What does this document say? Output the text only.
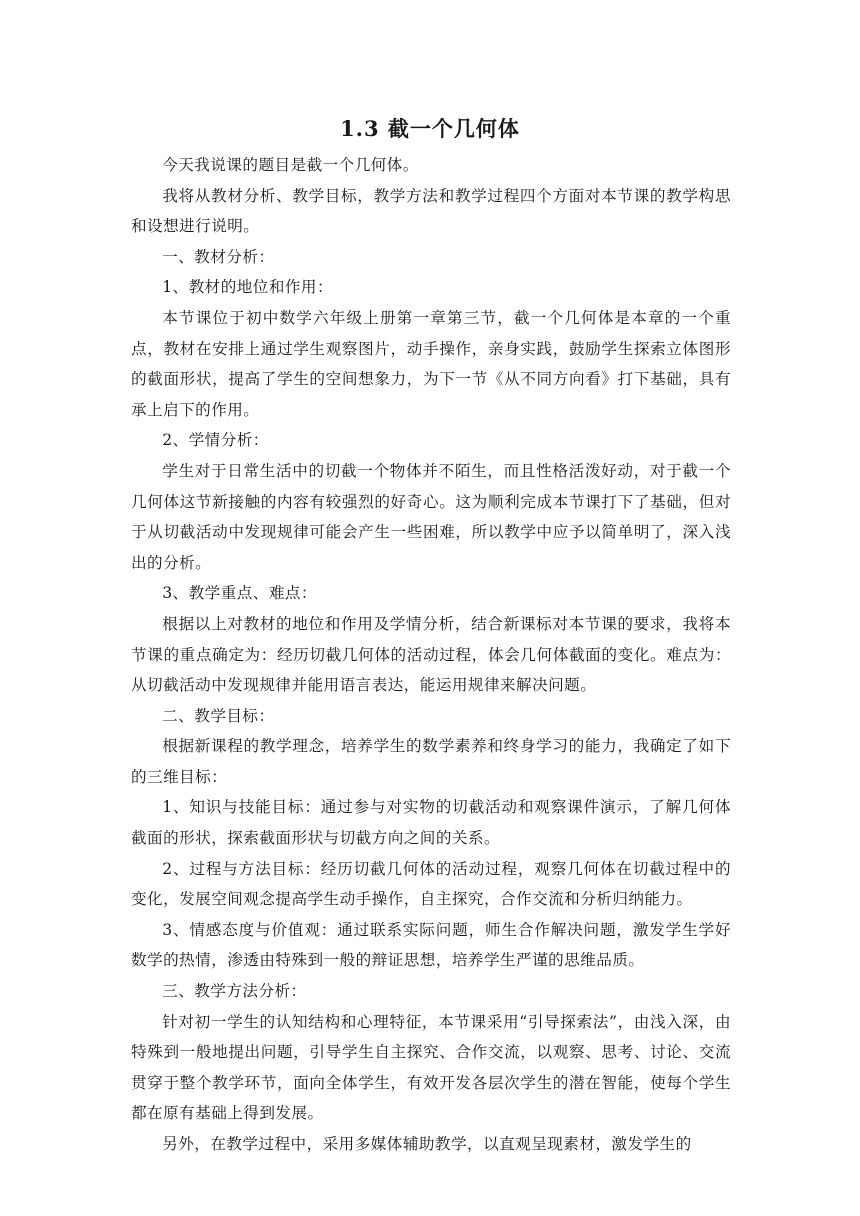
1.3 截一个几何体

今天我说课的题目是截一个几何体。

我将从教材分析、教学目标，教学方法和教学过程四个方面对本节课的教学构思和设想进行说明。

一、教材分析：

1、教材的地位和作用：

本节课位于初中数学六年级上册第一章第三节，截一个几何体是本章的一个重点，教材在安排上通过学生观察图片，动手操作，亲身实践，鼓励学生探索立体图形的截面形状，提高了学生的空间想象力，为下一节《从不同方向看》打下基础，具有承上启下的作用。

2、学情分析：

学生对于日常生活中的切截一个物体并不陌生，而且性格活泼好动，对于截一个几何体这节新接触的内容有较强烈的好奇心。这为顺利完成本节课打下了基础，但对于从切截活动中发现规律可能会产生一些困难，所以教学中应予以简单明了，深入浅出的分析。

3、教学重点、难点：

根据以上对教材的地位和作用及学情分析，结合新课标对本节课的要求，我将本节课的重点确定为：经历切截几何体的活动过程，体会几何体截面的变化。难点为：从切截活动中发现规律并能用语言表达，能运用规律来解决问题。

二、教学目标：

根据新课程的教学理念，培养学生的数学素养和终身学习的能力，我确定了如下的三维目标：

1、知识与技能目标：通过参与对实物的切截活动和观察课件演示，了解几何体截面的形状，探索截面形状与切截方向之间的关系。

2、过程与方法目标：经历切截几何体的活动过程，观察几何体在切截过程中的变化，发展空间观念提高学生动手操作，自主探究，合作交流和分析归纳能力。

3、情感态度与价值观：通过联系实际问题，师生合作解决问题，激发学生学好数学的热情，渗透由特殊到一般的辩证思想，培养学生严谨的思维品质。

三、教学方法分析：

针对初一学生的认知结构和心理特征，本节课采用“引导探索法”，由浅入深，由特殊到一般地提出问题，引导学生自主探究、合作交流，以观察、思考、讨论、交流贯穿于整个教学环节，面向全体学生，有效开发各层次学生的潜在智能，使每个学生都在原有基础上得到发展。

另外，在教学过程中，采用多媒体辅助教学，以直观呈现素材，激发学生的
